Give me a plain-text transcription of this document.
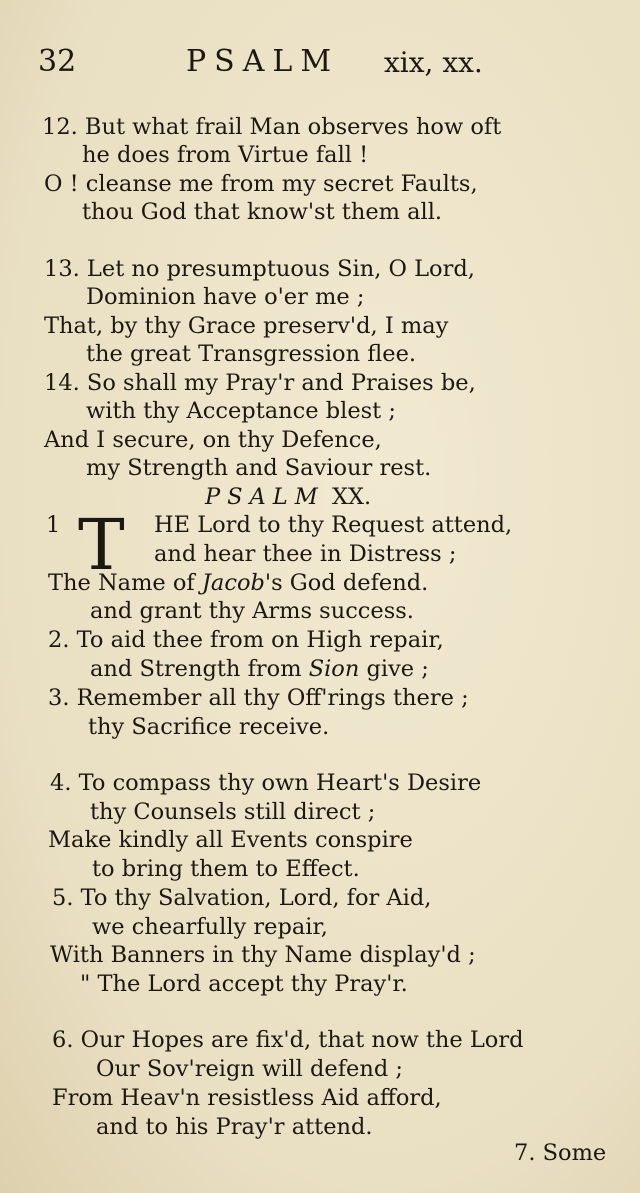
32	PSALM xix, xx.
12. But what frail Man observes how oft
he does from Virtue fall !
O ! cleanse me from my secret Faults,
thou God that know'st them all.
13. Let no presumptuous Sin, O Lord,
Dominion have o'er me ;
That, by thy Grace preserv'd, I may
the great Transgression flee.
14. So shall my Pray'r and Praises be,
with thy Acceptance blest ;
And I secure, on thy Defence,
my Strength and Saviour rest.
PSALM XX.
1 T HE Lord to thy Request attend,
and hear thee in Distress ;
The Name of Jacob's God defend.
and grant thy Arms success.
2. To aid thee from on High repair,
and Strength from Sion give ;
3. Remember all thy Off'rings there ;
thy Sacrifice receive.
4. To compass thy own Heart's Desire
thy Counsels still direct ;
Make kindly all Events conspire
to bring them to Effect.
5. To thy Salvation, Lord, for Aid,
we chearfully repair,
With Banners in thy Name display'd ;
" The Lord accept thy Pray'r.
6. Our Hopes are fix'd, that now the Lord
Our Sov'reign will defend ;
From Heav'n resistless Aid afford,
and to his Pray'r attend.
7. Some
